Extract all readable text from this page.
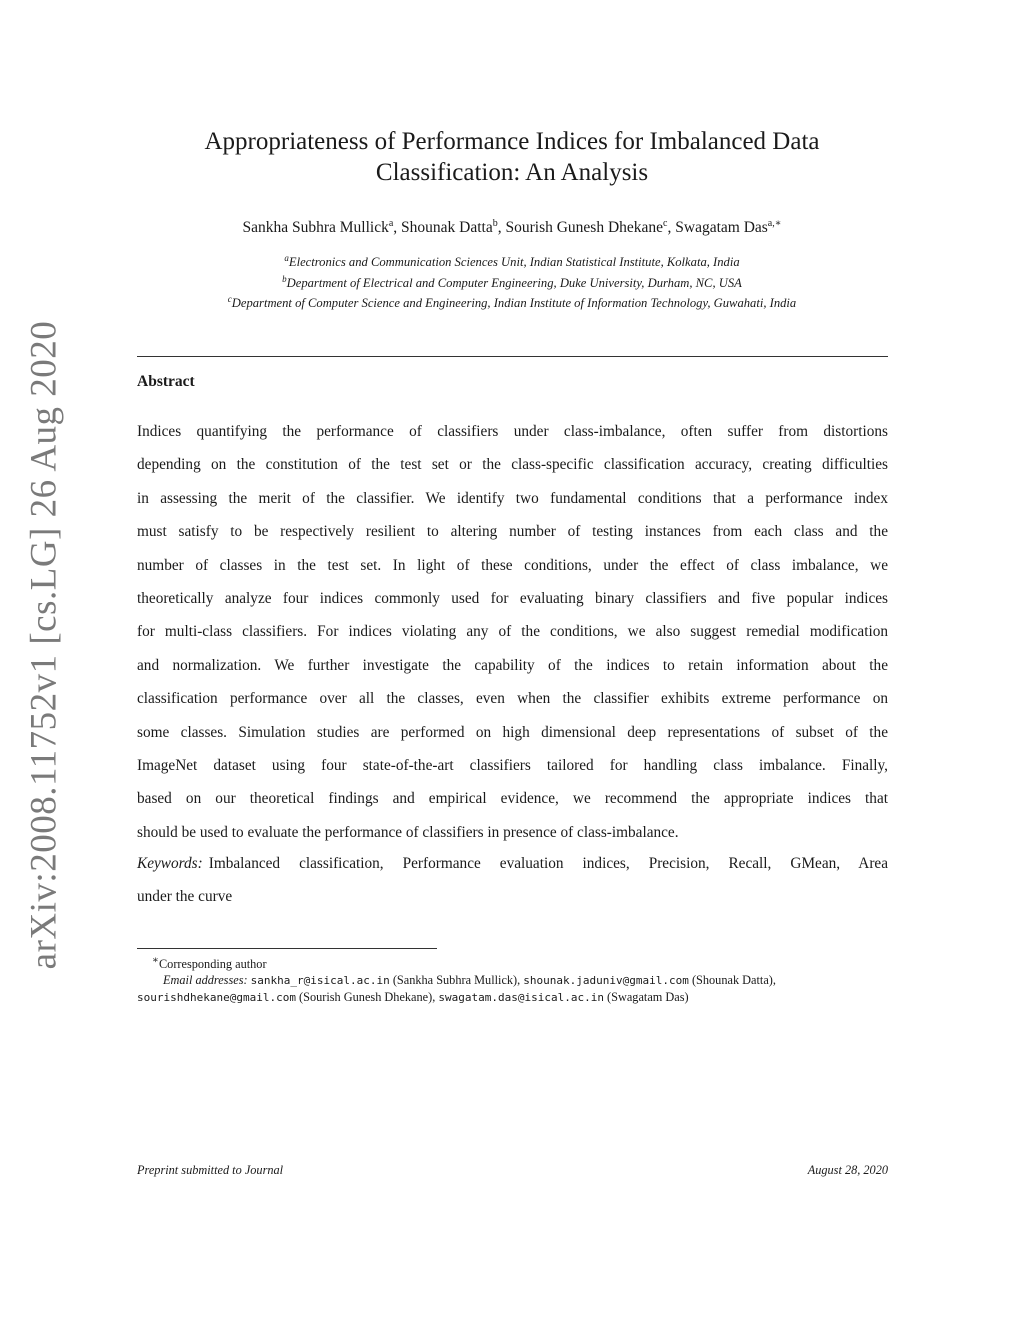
arXiv:2008.11752v1 [cs.LG] 26 Aug 2020
Appropriateness of Performance Indices for Imbalanced Data
Classification: An Analysis
Sankha Subhra Mullick$^a$, Shounak Datta$^b$, Sourish Gunesh Dhekane$^c$, Swagatam Das$^{a,∗}$
$^a$Electronics and Communication Sciences Unit, Indian Statistical Institute, Kolkata, India
$^b$Department of Electrical and Computer Engineering, Duke University, Durham, NC, USA
$^c$Department of Computer Science and Engineering, Indian Institute of Information Technology, Guwahati, India
Abstract
Indices quantifying the performance of classifiers under class-imbalance, often suffer from distortions
depending on the constitution of the test set or the class-specific classification accuracy, creating difficulties
in assessing the merit of the classifier. We identify two fundamental conditions that a performance index
must satisfy to be respectively resilient to altering number of testing instances from each class and the
number of classes in the test set. In light of these conditions, under the effect of class imbalance, we
theoretically analyze four indices commonly used for evaluating binary classifiers and five popular indices
for multi-class classifiers. For indices violating any of the conditions, we also suggest remedial modification
and normalization. We further investigate the capability of the indices to retain information about the
classification performance over all the classes, even when the classifier exhibits extreme performance on
some classes. Simulation studies are performed on high dimensional deep representations of subset of the
ImageNet dataset using four state-of-the-art classifiers tailored for handling class imbalance. Finally,
based on our theoretical findings and empirical evidence, we recommend the appropriate indices that
should be used to evaluate the performance of classifiers in presence of class-imbalance.
Keywords: Imbalanced classification, Performance evaluation indices, Precision, Recall, GMean, Area
under the curve
∗Corresponding author
Email addresses: sankha_r@isical.ac.in (Sankha Subhra Mullick), shounak.jaduniv@gmail.com (Shounak Datta),
sourishdhekane@gmail.com (Sourish Gunesh Dhekane), swagatam.das@isical.ac.in (Swagatam Das)
Preprint submitted to Journal	August 28, 2020
